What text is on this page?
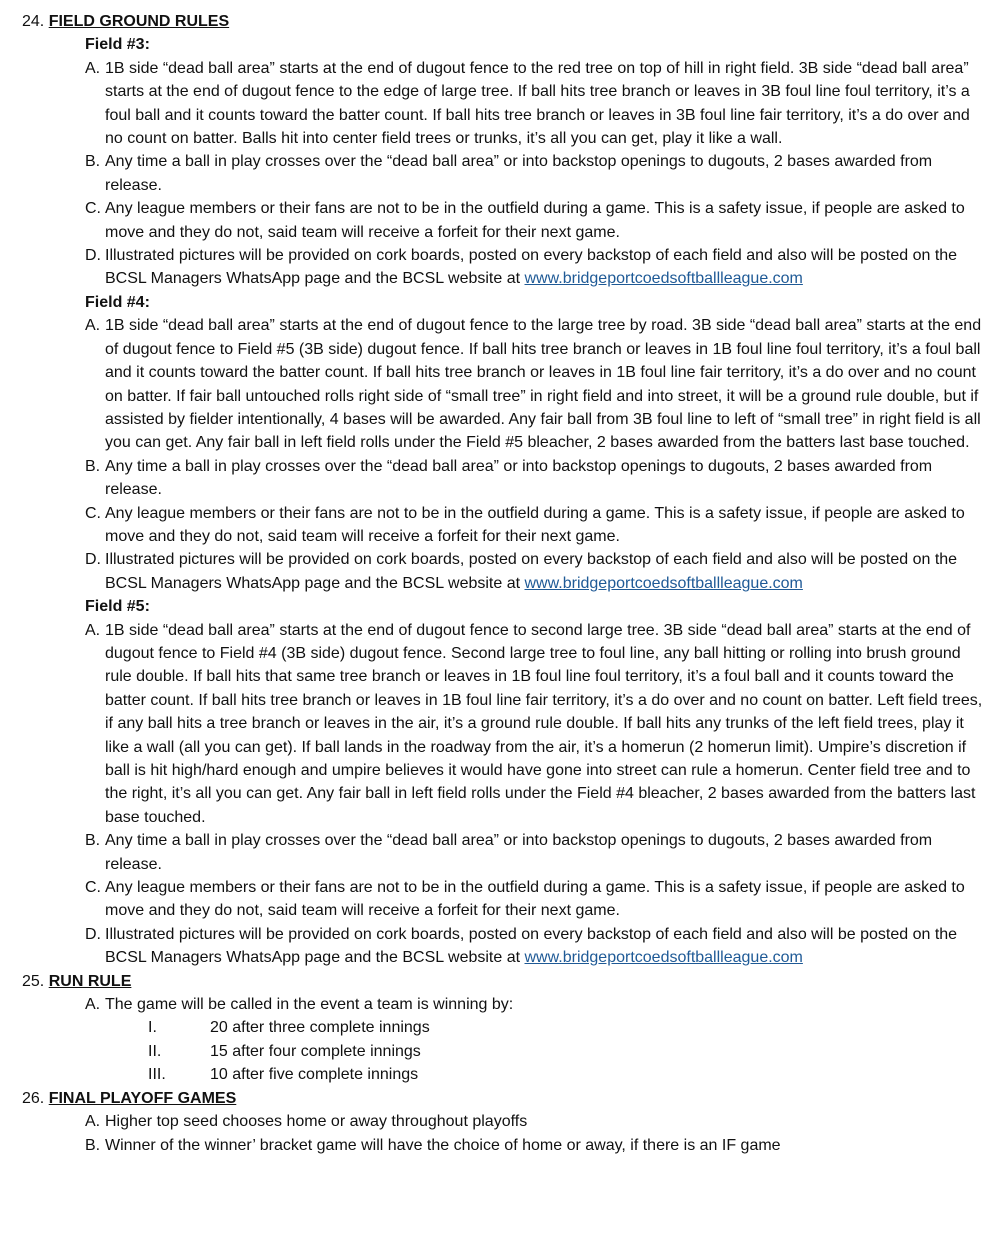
24. FIELD GROUND RULES
Field #3:
A. 1B side “dead ball area” starts at the end of dugout fence to the red tree on top of hill in right field. 3B side “dead ball area” starts at the end of dugout fence to the edge of large tree. If ball hits tree branch or leaves in 3B foul line foul territory, it’s a foul ball and it counts toward the batter count. If ball hits tree branch or leaves in 3B foul line fair territory, it’s a do over and no count on batter. Balls hit into center field trees or trunks, it’s all you can get, play it like a wall.
B. Any time a ball in play crosses over the “dead ball area” or into backstop openings to dugouts, 2 bases awarded from release.
C. Any league members or their fans are not to be in the outfield during a game. This is a safety issue, if people are asked to move and they do not, said team will receive a forfeit for their next game.
D. Illustrated pictures will be provided on cork boards, posted on every backstop of each field and also will be posted on the BCSL Managers WhatsApp page and the BCSL website at www.bridgeportcoedsoftballleague.com
Field #4:
A. 1B side “dead ball area” starts at the end of dugout fence to the large tree by road. 3B side “dead ball area” starts at the end of dugout fence to Field #5 (3B side) dugout fence. If ball hits tree branch or leaves in 1B foul line foul territory, it’s a foul ball and it counts toward the batter count. If ball hits tree branch or leaves in 1B foul line fair territory, it’s a do over and no count on batter. If fair ball untouched rolls right side of “small tree” in right field and into street, it will be a ground rule double, but if assisted by fielder intentionally, 4 bases will be awarded. Any fair ball from 3B foul line to left of “small tree” in right field is all you can get. Any fair ball in left field rolls under the Field #5 bleacher, 2 bases awarded from the batters last base touched.
B. Any time a ball in play crosses over the “dead ball area” or into backstop openings to dugouts, 2 bases awarded from release.
C. Any league members or their fans are not to be in the outfield during a game. This is a safety issue, if people are asked to move and they do not, said team will receive a forfeit for their next game.
D. Illustrated pictures will be provided on cork boards, posted on every backstop of each field and also will be posted on the BCSL Managers WhatsApp page and the BCSL website at www.bridgeportcoedsoftballleague.com
Field #5:
A. 1B side “dead ball area” starts at the end of dugout fence to second large tree. 3B side “dead ball area” starts at the end of dugout fence to Field #4 (3B side) dugout fence. Second large tree to foul line, any ball hitting or rolling into brush ground rule double. If ball hits that same tree branch or leaves in 1B foul line foul territory, it’s a foul ball and it counts toward the batter count. If ball hits tree branch or leaves in 1B foul line fair territory, it’s a do over and no count on batter. Left field trees, if any ball hits a tree branch or leaves in the air, it’s a ground rule double. If ball hits any trunks of the left field trees, play it like a wall (all you can get). If ball lands in the roadway from the air, it’s a homerun (2 homerun limit). Umpire’s discretion if ball is hit high/hard enough and umpire believes it would have gone into street can rule a homerun. Center field tree and to the right, it’s all you can get. Any fair ball in left field rolls under the Field #4 bleacher, 2 bases awarded from the batters last base touched.
B. Any time a ball in play crosses over the “dead ball area” or into backstop openings to dugouts, 2 bases awarded from release.
C. Any league members or their fans are not to be in the outfield during a game. This is a safety issue, if people are asked to move and they do not, said team will receive a forfeit for their next game.
D. Illustrated pictures will be provided on cork boards, posted on every backstop of each field and also will be posted on the BCSL Managers WhatsApp page and the BCSL website at www.bridgeportcoedsoftballleague.com
25. RUN RULE
A. The game will be called in the event a team is winning by:
I.	20 after three complete innings
II.	15 after four complete innings
III.	10 after five complete innings
26. FINAL PLAYOFF GAMES
A. Higher top seed chooses home or away throughout playoffs
B. Winner of the winner’ bracket game will have the choice of home or away, if there is an IF game
